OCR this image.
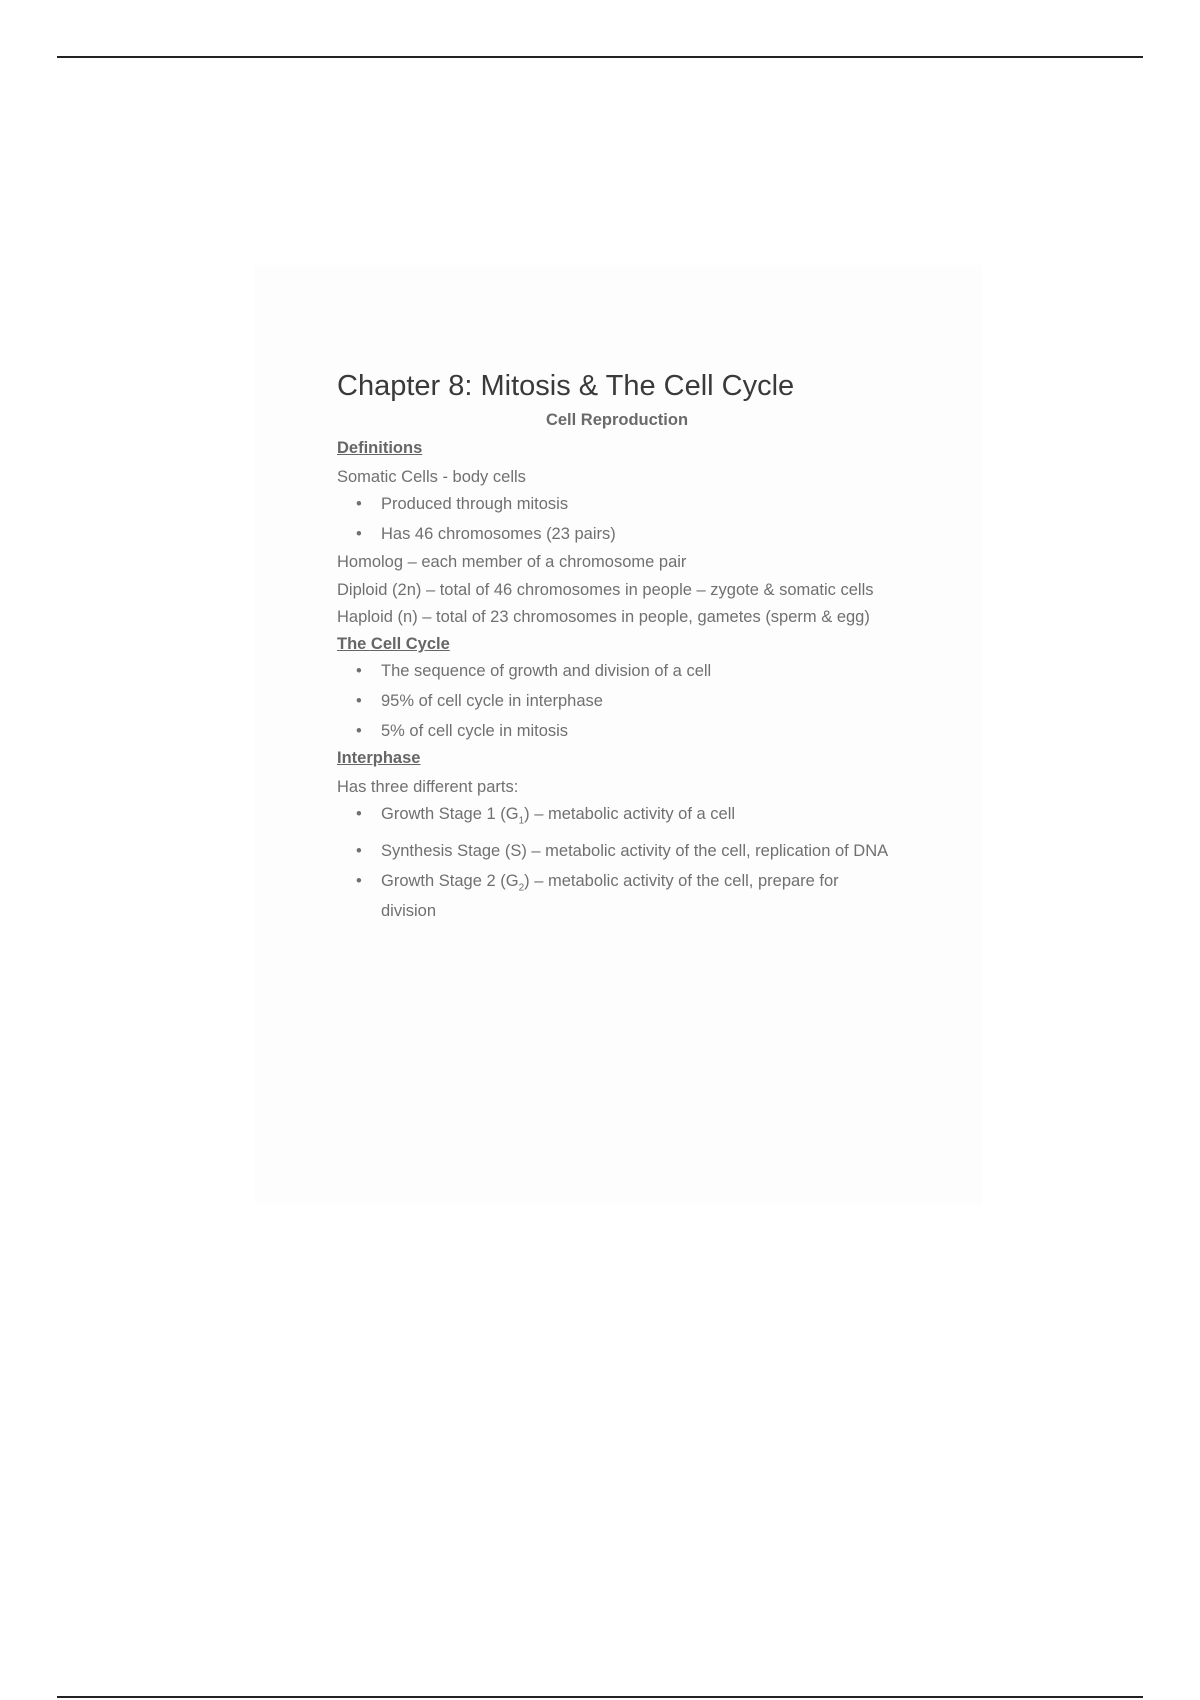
Chapter 8: Mitosis & The Cell Cycle
Cell Reproduction
Definitions
Somatic Cells - body cells
• Produced through mitosis
• Has 46 chromosomes (23 pairs)
Homolog – each member of a chromosome pair
Diploid (2n) – total of 46 chromosomes in people – zygote & somatic cells
Haploid (n) – total of 23 chromosomes in people, gametes (sperm & egg)
The Cell Cycle
• The sequence of growth and division of a cell
• 95% of cell cycle in interphase
• 5% of cell cycle in mitosis
Interphase
Has three different parts:
• Growth Stage 1 $(G_1)$ – metabolic activity of a cell
• Synthesis Stage (S) – metabolic activity of the cell, replication of DNA
• Growth Stage 2 $(G_2)$ – metabolic activity of the cell, prepare for division
